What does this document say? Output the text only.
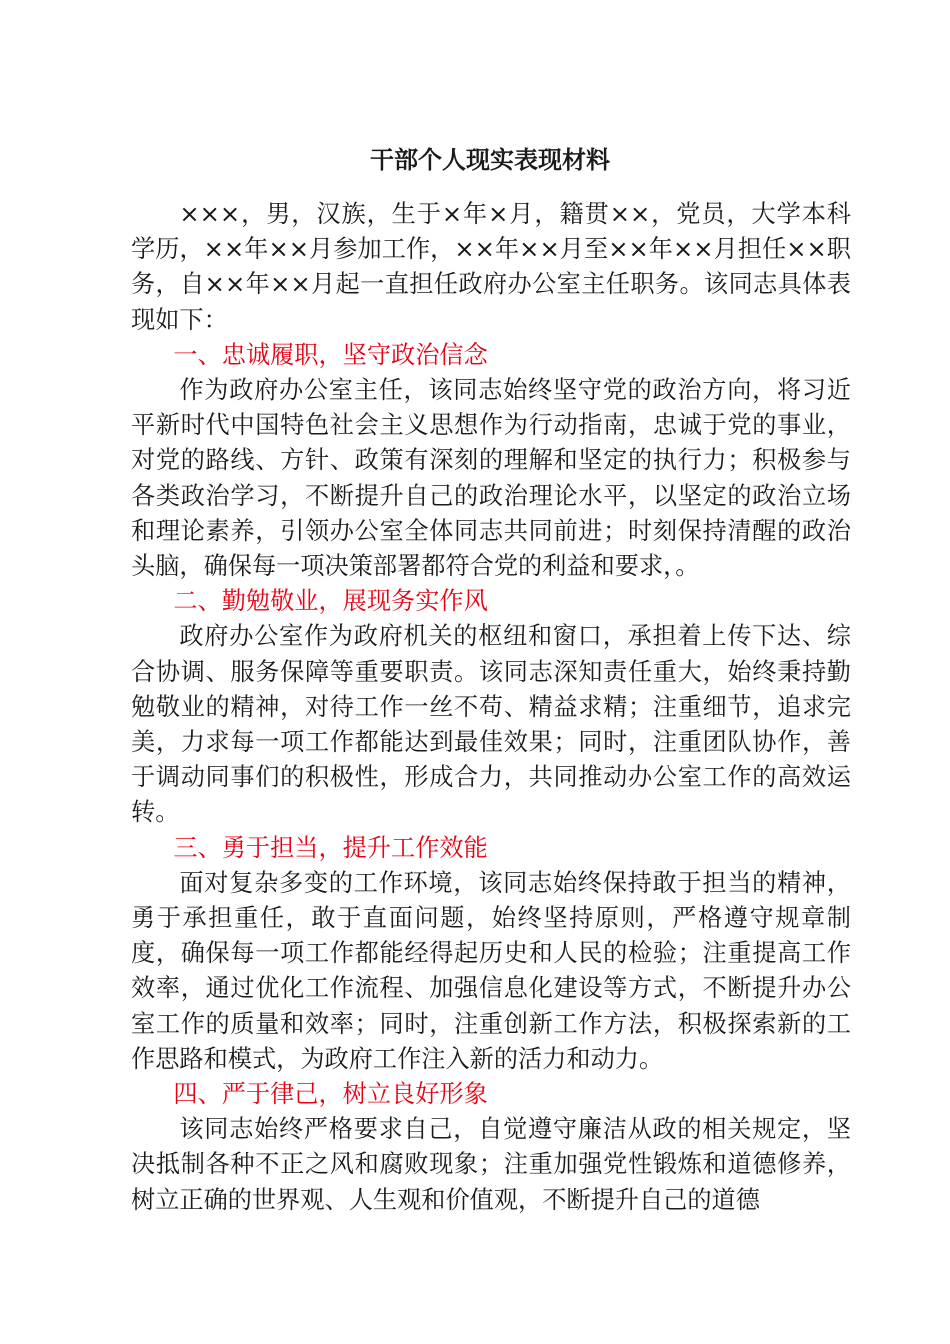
干部个人现实表现材料

×××，男，汉族，生于×年×月，籍贯××，党员，大学本科学历，××年××月参加工作，××年××月至××年××月担任××职务，自××年××月起一直担任政府办公室主任职务。该同志具体表现如下：

一、忠诚履职，坚守政治信念

作为政府办公室主任，该同志始终坚守党的政治方向，将习近平新时代中国特色社会主义思想作为行动指南，忠诚于党的事业，对党的路线、方针、政策有深刻的理解和坚定的执行力；积极参与各类政治学习，不断提升自己的政治理论水平，以坚定的政治立场和理论素养，引领办公室全体同志共同前进；时刻保持清醒的政治头脑，确保每一项决策部署都符合党的利益和要求，。

二、勤勉敬业，展现务实作风

政府办公室作为政府机关的枢纽和窗口，承担着上传下达、综合协调、服务保障等重要职责。该同志深知责任重大，始终秉持勤勉敬业的精神，对待工作一丝不苟、精益求精；注重细节，追求完美，力求每一项工作都能达到最佳效果；同时，注重团队协作，善于调动同事们的积极性，形成合力，共同推动办公室工作的高效运转。

三、勇于担当，提升工作效能

面对复杂多变的工作环境，该同志始终保持敢于担当的精神，勇于承担重任，敢于直面问题，始终坚持原则，严格遵守规章制度，确保每一项工作都能经得起历史和人民的检验；注重提高工作效率，通过优化工作流程、加强信息化建设等方式，不断提升办公室工作的质量和效率；同时，注重创新工作方法，积极探索新的工作思路和模式，为政府工作注入新的活力和动力。

四、严于律己，树立良好形象

该同志始终严格要求自己，自觉遵守廉洁从政的相关规定，坚决抵制各种不正之风和腐败现象；注重加强党性锻炼和道德修养，树立正确的世界观、人生观和价值观，不断提升自己的道德
